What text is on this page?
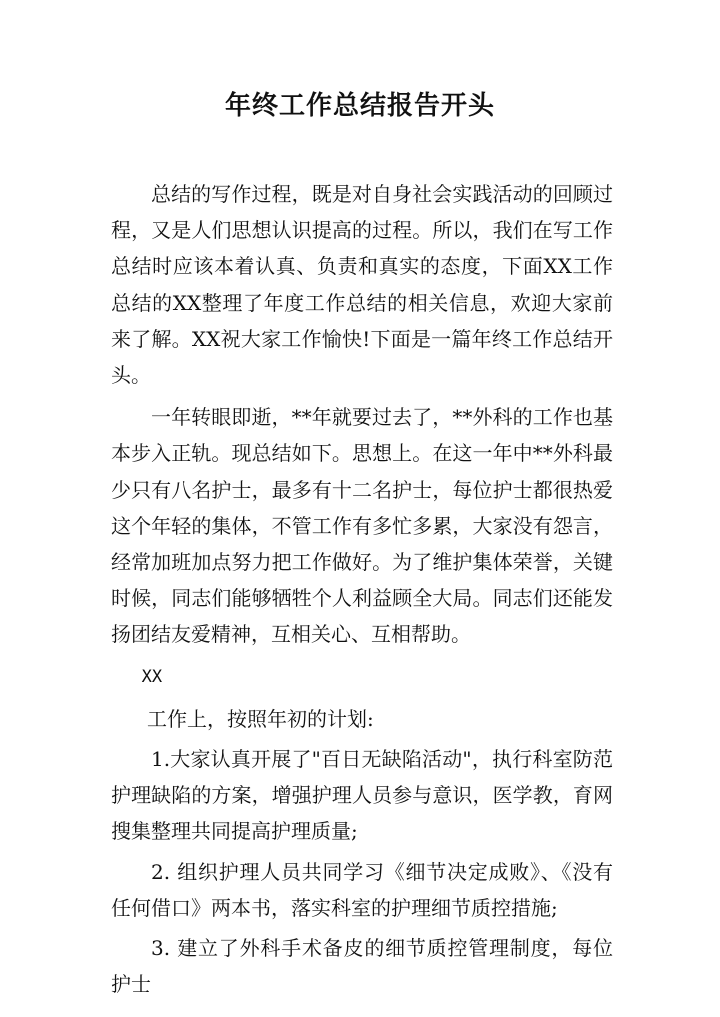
年终工作总结报告开头

总结的写作过程，既是对自身社会实践活动的回顾过程，又是人们思想认识提高的过程。所以，我们在写工作总结时应该本着认真、负责和真实的态度，下面XX工作总结的XX整理了年度工作总结的相关信息，欢迎大家前来了解。XX祝大家工作愉快!下面是一篇年终工作总结开头。

一年转眼即逝，**年就要过去了，**外科的工作也基本步入正轨。现总结如下。思想上。在这一年中**外科最少只有八名护士，最多有十二名护士，每位护士都很热爱这个年轻的集体，不管工作有多忙多累，大家没有怨言，经常加班加点努力把工作做好。为了维护集体荣誉，关键时候，同志们能够牺牲个人利益顾全大局。同志们还能发扬团结友爱精神，互相关心、互相帮助。

XX

工作上，按照年初的计划:

1.大家认真开展了"百日无缺陷活动"，执行科室防范护理缺陷的方案，增强护理人员参与意识，医学教，育网搜集整理共同提高护理质量;

2. 组织护理人员共同学习《细节决定成败》、《没有任何借口》两本书，落实科室的护理细节质控措施;

3. 建立了外科手术备皮的细节质控管理制度，每位护士
